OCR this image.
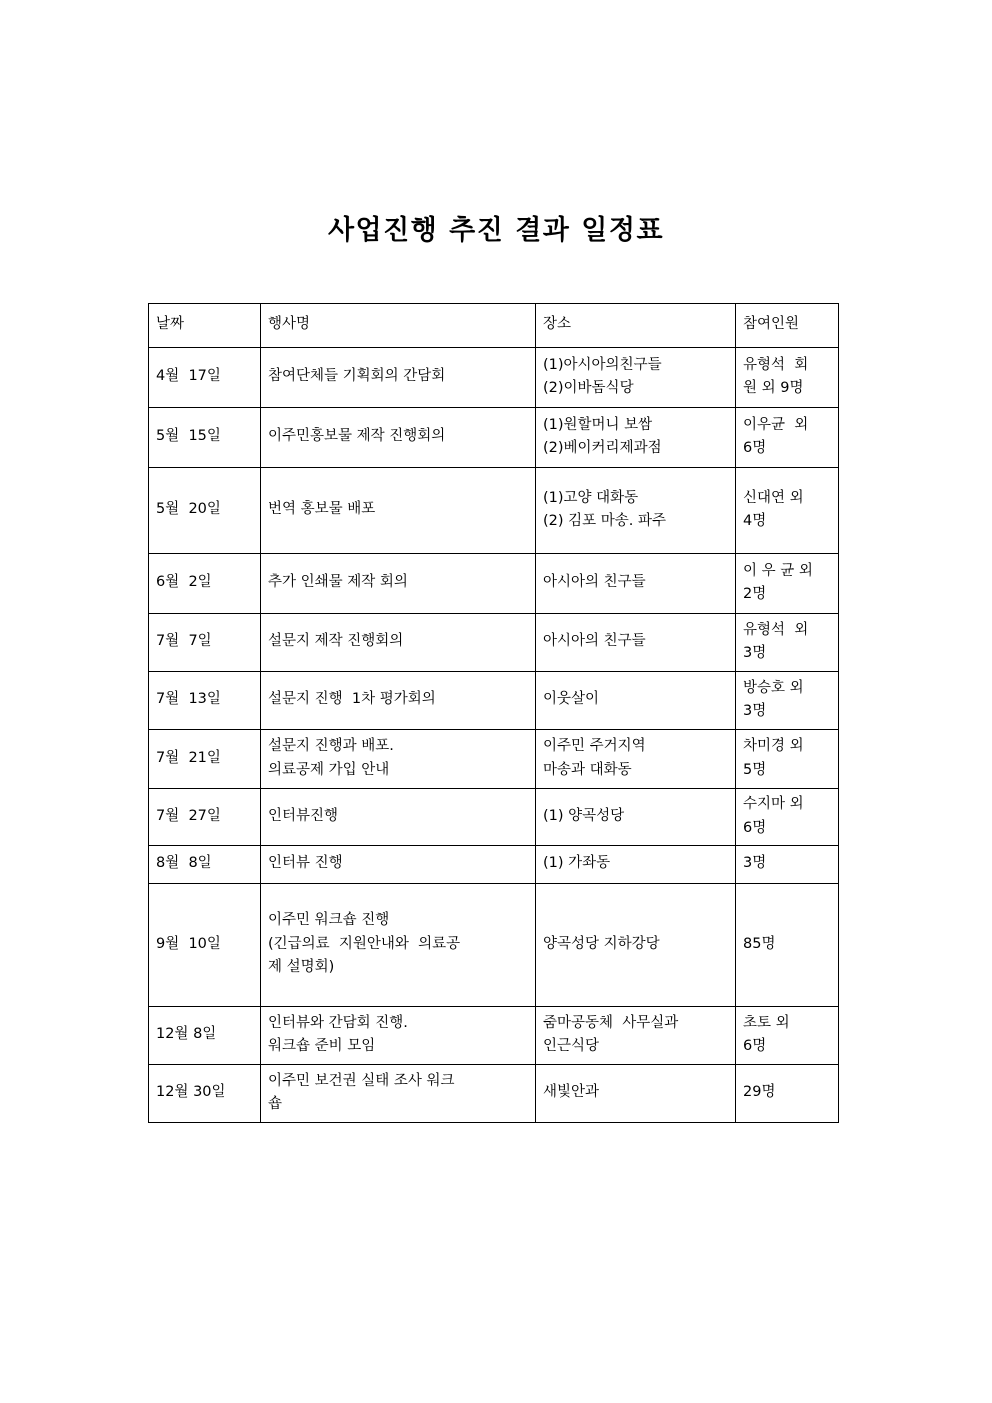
사업진행 추진 결과 일정표
날짜	행사명	장소	참여인원
4월  17일	참여단체들 기획회의 간담회	(1)아시아의친구들
(2)이바돔식당	유형석  회
원 외 9명

5월  15일	이주민홍보물 제작 진행회의	(1)원할머니 보쌈
(2)베이커리제과점	이우균  외
6명

5월  20일	번역 홍보물 배포	(1)고양 대화동
(2) 김포 마송. 파주	신대연 외
4명

6월  2일	추가 인쇄물 제작 회의	아시아의 친구들	이 우 균 외
2명

7월  7일	설문지 제작 진행회의	아시아의 친구들	유형석  외
3명

7월  13일	설문지 진행  1차 평가회의	이웃살이	방승호 외
3명

7월  21일	설문지 진행과 배포.
의료공제 가입 안내	이주민 주거지역
마송과 대화동	차미경 외
5명

7월  27일	인터뷰진행	(1) 양곡성당	수지마 외
6명

8월  8일	인터뷰 진행	(1) 가좌동	3명

9월  10일	이주민 워크숍 진행
(긴급의료  지원안내와  의료공
제 설명회)	양곡성당 지하강당	85명

12월 8일	인터뷰와 간담회 진행.
워크숍 준비 모임	줌마공동체  사무실과
인근식당	초토 외
6명

12월 30일	이주민 보건권 실태 조사 워크
숍	새빛안과	29명
